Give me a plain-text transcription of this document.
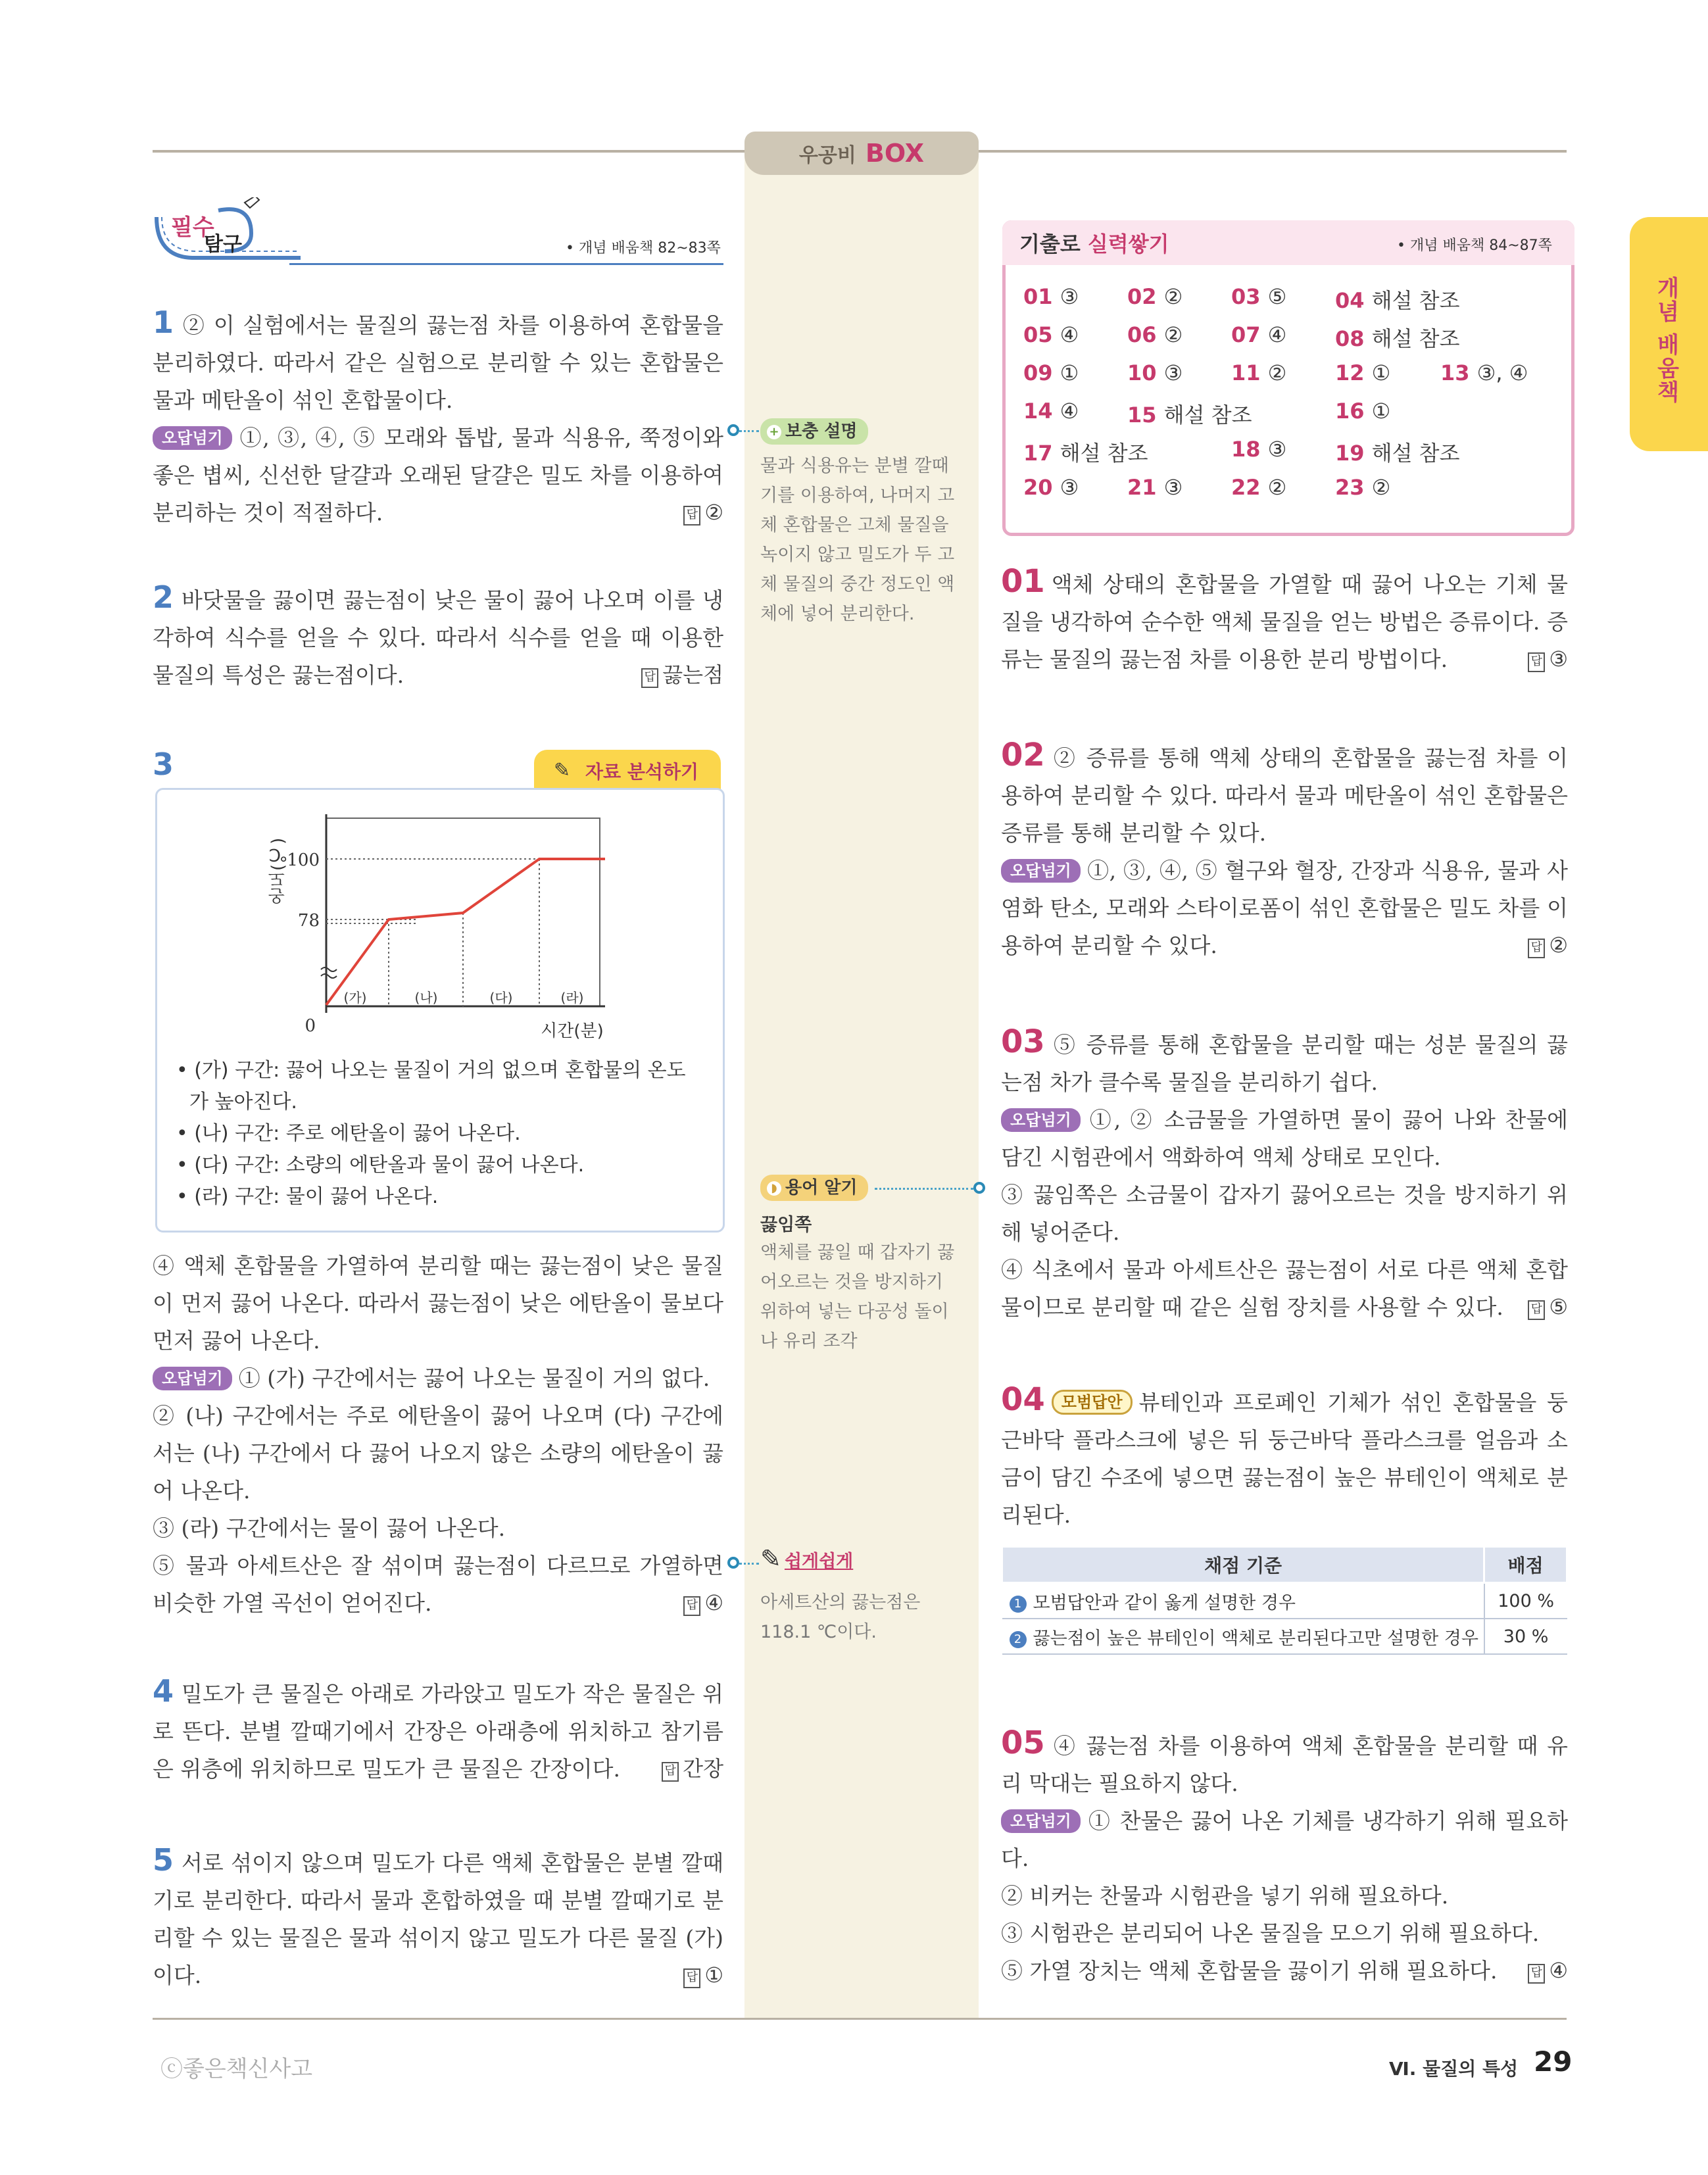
우공비 BOX
개념 배움책
필수
탐구	• 개념 배움책 82~83쪽

1 ② 이 실험에서는 물질의 끓는점 차를 이용하여 혼합물을 분리하였다. 따라서 같은 실험으로 분리할 수 있는 혼합물은 물과 메탄올이 섞인 혼합물이다.

오답넘기 ①, ③, ④, ⑤ 모래와 톱밥, 물과 식용유, 쭉정이와 좋은 볍씨, 신선한 달걀과 오래된 달걀은 밀도 차를 이용하여 분리하는 것이 적절하다.	답 ②

2 바닷물을 끓이면 끓는점이 낮은 물이 끓어 나오며 이를 냉각하여 식수를 얻을 수 있다. 따라서 식수를 얻을 때 이용한 물질의 특성은 끓는점이다.	답 끓는점

3	✎ 자료 분석하기
100
78
0
(가)	(나)	(다)	(라)
시간(분)
온도(℃)

• (가) 구간: 끓어 나오는 물질이 거의 없으며 혼합물의 온도가 높아진다.

• (나) 구간: 주로 에탄올이 끓어 나온다.

• (다) 구간: 소량의 에탄올과 물이 끓어 나온다.

• (라) 구간: 물이 끓어 나온다.

④ 액체 혼합물을 가열하여 분리할 때는 끓는점이 낮은 물질이 먼저 끓어 나온다. 따라서 끓는점이 낮은 에탄올이 물보다 먼저 끓어 나온다.

오답넘기 ① (가) 구간에서는 끓어 나오는 물질이 거의 없다.

② (나) 구간에서는 주로 에탄올이 끓어 나오며 (다) 구간에서는 (나) 구간에서 다 끓어 나오지 않은 소량의 에탄올이 끓어 나온다.

③ (라) 구간에서는 물이 끓어 나온다.

⑤ 물과 아세트산은 잘 섞이며 끓는점이 다르므로 가열하면 비슷한 가열 곡선이 얻어진다.	답 ④

4 밀도가 큰 물질은 아래로 가라앉고 밀도가 작은 물질은 위로 뜬다. 분별 깔때기에서 간장은 아래층에 위치하고 참기름은 위층에 위치하므로 밀도가 큰 물질은 간장이다.	답 간장

5 서로 섞이지 않으며 밀도가 다른 액체 혼합물은 분별 깔때기로 분리한다. 따라서 물과 혼합하였을 때 분별 깔때기로 분리할 수 있는 물질은 물과 섞이지 않고 밀도가 다른 물질 (가)이다.	답 ①

+ 보충 설명
물과 식용유는 분별 깔때기를 이용하여, 나머지 고체 혼합물은 고체 물질을 녹이지 않고 밀도가 두 고체 물질의 중간 정도인 액체에 넣어 분리한다.
◗ 용어 알기
끓임쪽
액체를 끓일 때 갑자기 끓어오르는 것을 방지하기 위하여 넣는 다공성 돌이나 유리 조각
✎ 쉽게쉽게
아세트산의 끓는점은 118.1 ℃이다.
기출로 실력쌓기	• 개념 배움책 84~87쪽

01 액체 상태의 혼합물을 가열할 때 끓어 나오는 기체 물질을 냉각하여 순수한 액체 물질을 얻는 방법은 증류이다. 증류는 물질의 끓는점 차를 이용한 분리 방법이다.	답 ③

02 ② 증류를 통해 액체 상태의 혼합물을 끓는점 차를 이용하여 분리할 수 있다. 따라서 물과 메탄올이 섞인 혼합물은 증류를 통해 분리할 수 있다.

오답넘기 ①, ③, ④, ⑤ 혈구와 혈장, 간장과 식용유, 물과 사염화 탄소, 모래와 스타이로폼이 섞인 혼합물은 밀도 차를 이용하여 분리할 수 있다.	답 ②

03 ⑤ 증류를 통해 혼합물을 분리할 때는 성분 물질의 끓는점 차가 클수록 물질을 분리하기 쉽다.

오답넘기 ①, ② 소금물을 가열하면 물이 끓어 나와 찬물에 담긴 시험관에서 액화하여 액체 상태로 모인다.

③ 끓임쪽은 소금물이 갑자기 끓어오르는 것을 방지하기 위해 넣어준다.

④ 식초에서 물과 아세트산은 끓는점이 서로 다른 액체 혼합물이므로 분리할 때 같은 실험 장치를 사용할 수 있다. 답 ⑤

04 모범답안 뷰테인과 프로페인 기체가 섞인 혼합물을 둥근바닥 플라스크에 넣은 뒤 둥근바닥 플라스크를 얼음과 소금이 담긴 수조에 넣으면 끓는점이 높은 뷰테인이 액체로 분리된다.

채점 기준	배점
1 모범답안과 같이 옳게 설명한 경우	100 %
2 끓는점이 높은 뷰테인이 액체로 분리된다고만 설명한 경우	30 %

05 ④ 끓는점 차를 이용하여 액체 혼합물을 분리할 때 유리 막대는 필요하지 않다.

오답넘기 ① 찬물은 끓어 나온 기체를 냉각하기 위해 필요하다.

② 비커는 찬물과 시험관을 넣기 위해 필요하다.

③ 시험관은 분리되어 나온 물질을 모으기 위해 필요하다.

⑤ 가열 장치는 액체 혼합물을 끓이기 위해 필요하다.	답 ④

ⓒ좋은책신사고	Ⅵ. 물질의 특성 29
01 ③ 02 ② 03 ⑤ 04 해설 참조
05 ④ 06 ② 07 ④ 08 해설 참조
09 ① 10 ③ 11 ② 12 ① 13 ③, ④
14 ④ 15 해설 참조	16 ①
17 해설 참조	18 ③ 19 해설 참조
20 ③ 21 ③ 22 ② 23 ②
